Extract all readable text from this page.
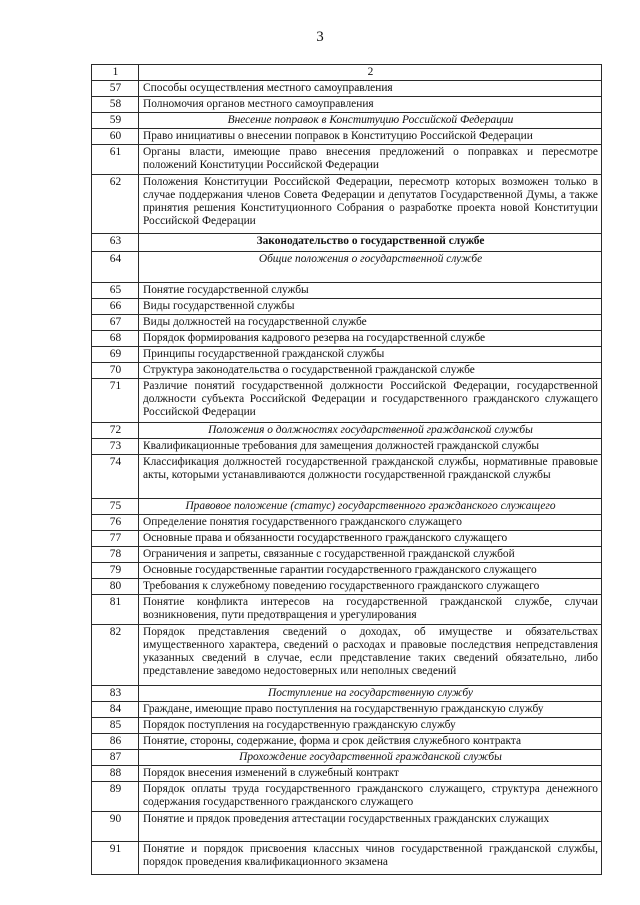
3
1	2
57	Способы осуществления местного самоуправления
58	Полномочия органов местного самоуправления
59	Внесение поправок в Конституцию Российской Федерации
60	Право инициативы о внесении поправок в Конституцию Российской Федерации
61	Органы власти, имеющие право внесения предложений о поправках и пересмотре положений Конституции Российской Федерации
62	Положения Конституции Российской Федерации, пересмотр которых возможен только в случае поддержания членов Совета Федерации и депутатов Государственной Думы, а также принятия решения Конституционного Собрания о разработке проекта новой Конституции Российской Федерации
63	Законодательство о государственной службе
64	Общие положения о государственной службе

65	Понятие государственной службы
66	Виды государственной службы
67	Виды должностей на государственной службе
68	Порядок формирования кадрового резерва на государственной службе
69	Принципы государственной гражданской службы
70	Структура законодательства о государственной гражданской службе
71	Различие понятий государственной должности Российской Федерации, государственной должности субъекта Российской Федерации и государственного гражданского служащего Российской Федерации
72	Положения о должностях государственной гражданской службы
73	Квалификационные требования для замещения должностей гражданской службы
74	Классификация должностей государственной гражданской службы, нормативные правовые акты, которыми устанавливаются должности государственной гражданской службы
75	Правовое положение (статус) государственного гражданского служащего
76	Определение понятия государственного гражданского служащего
77	Основные права и обязанности государственного гражданского служащего
78	Ограничения и запреты, связанные с государственной гражданской службой
79	Основные государственные гарантии государственного гражданского служащего
80	Требования к служебному поведению государственного гражданского служащего
81	Понятие конфликта интересов на государственной гражданской службе, случаи возникновения, пути предотвращения и урегулирования
82	Порядок представления сведений о доходах, об имуществе и обязательствах имущественного характера, сведений о расходах и правовые последствия непредставления указанных сведений в случае, если представление таких сведений обязательно, либо представление заведомо недостоверных или неполных сведений
83	Поступление на государственную службу
84	Граждане, имеющие право поступления на государственную гражданскую службу
85	Порядок поступления на государственную гражданскую службу
86	Понятие, стороны, содержание, форма и срок действия служебного контракта
87	Прохождение государственной гражданской службы
88	Порядок внесения изменений в служебный контракт
89	Порядок оплаты труда государственного гражданского служащего, структура денежного содержания государственного гражданского служащего
90	Понятие и прядок проведения аттестации государственных гражданских служащих
91	Понятие и порядок присвоения классных чинов государственной гражданской службы, порядок проведения квалификационного экзамена
